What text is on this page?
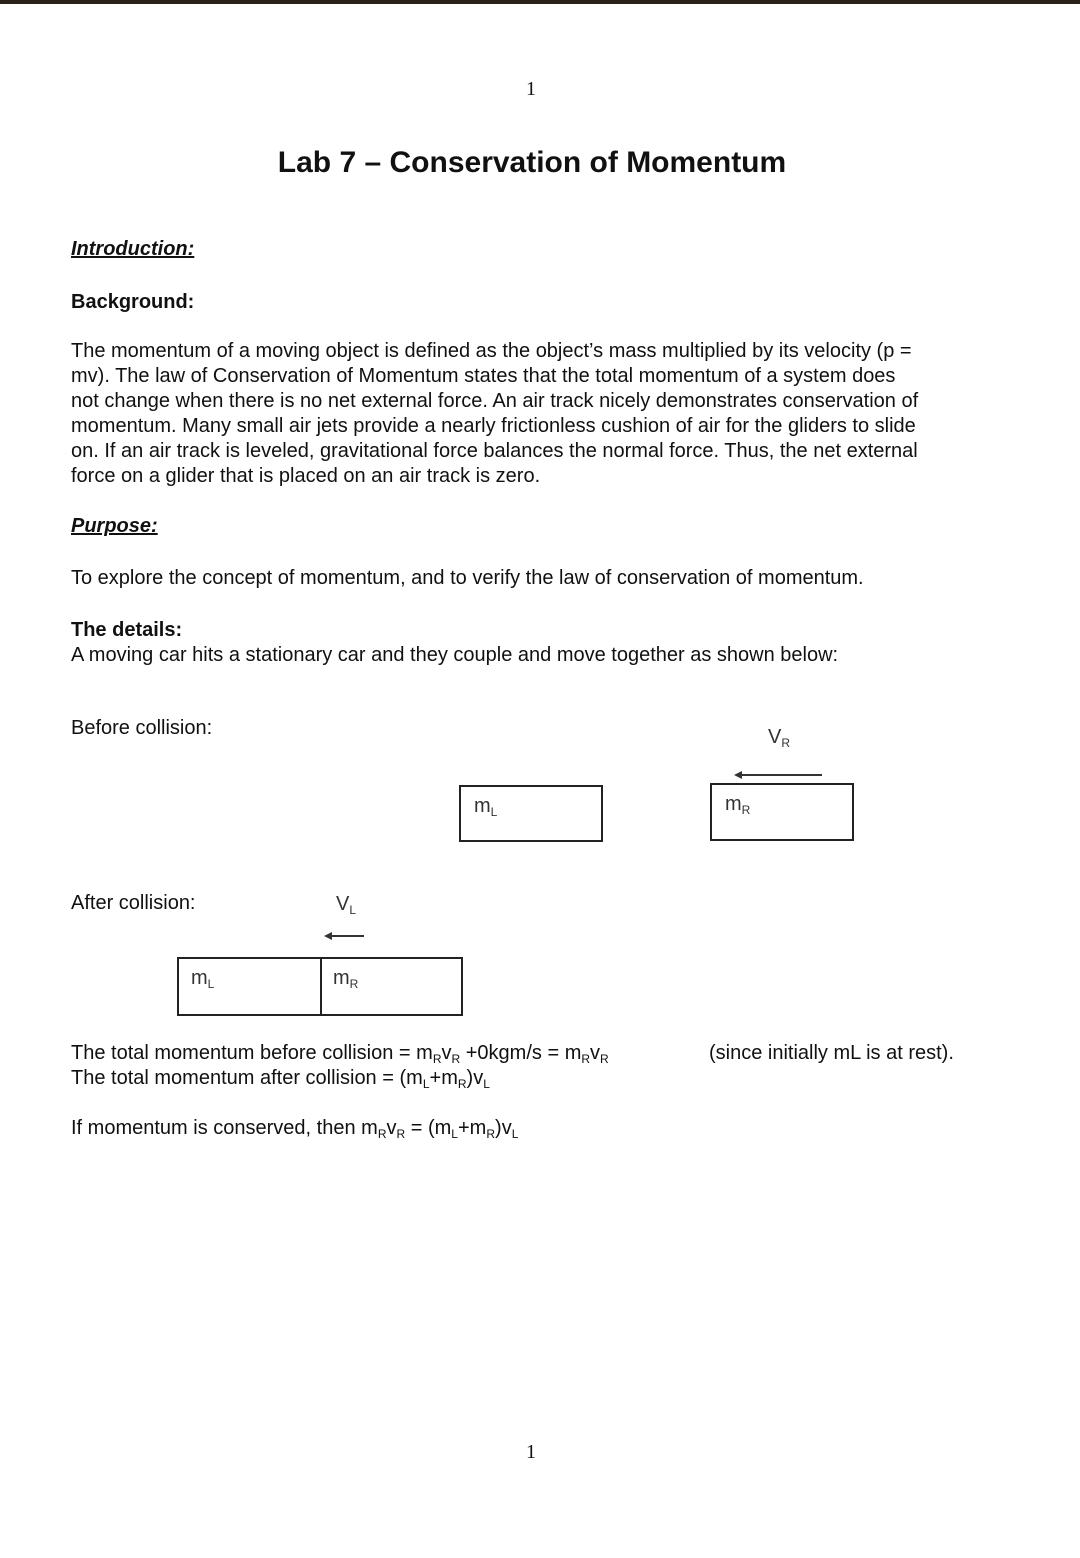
1
Lab 7 – Conservation of Momentum
Introduction:
Background:
The momentum of a moving object is defined as the object’s mass multiplied by its velocity (p =
mv). The law of Conservation of Momentum states that the total momentum of a system does
not change when there is no net external force. An air track nicely demonstrates conservation of
momentum. Many small air jets provide a nearly frictionless cushion of air for the gliders to slide
on. If an air track is leveled, gravitational force balances the normal force. Thus, the net external
force on a glider that is placed on an air track is zero.
Purpose:
To explore the concept of momentum, and to verify the law of conservation of momentum.
The details:
A moving car hits a stationary car and they couple and move together as shown below:
Before collision:	$V_R$
$m_L$	$m_R$
After collision:	$V_L$
$m_L$	$m_R$
The total momentum before collision = $m_Rv_R +0kgm/s = m_Rv_R$	(since initially mL is at rest).
The total momentum after collision = $(m_L+m_R)v_L$
If momentum is conserved, then $m_Rv_R = (m_L+m_R)v_L$
1
